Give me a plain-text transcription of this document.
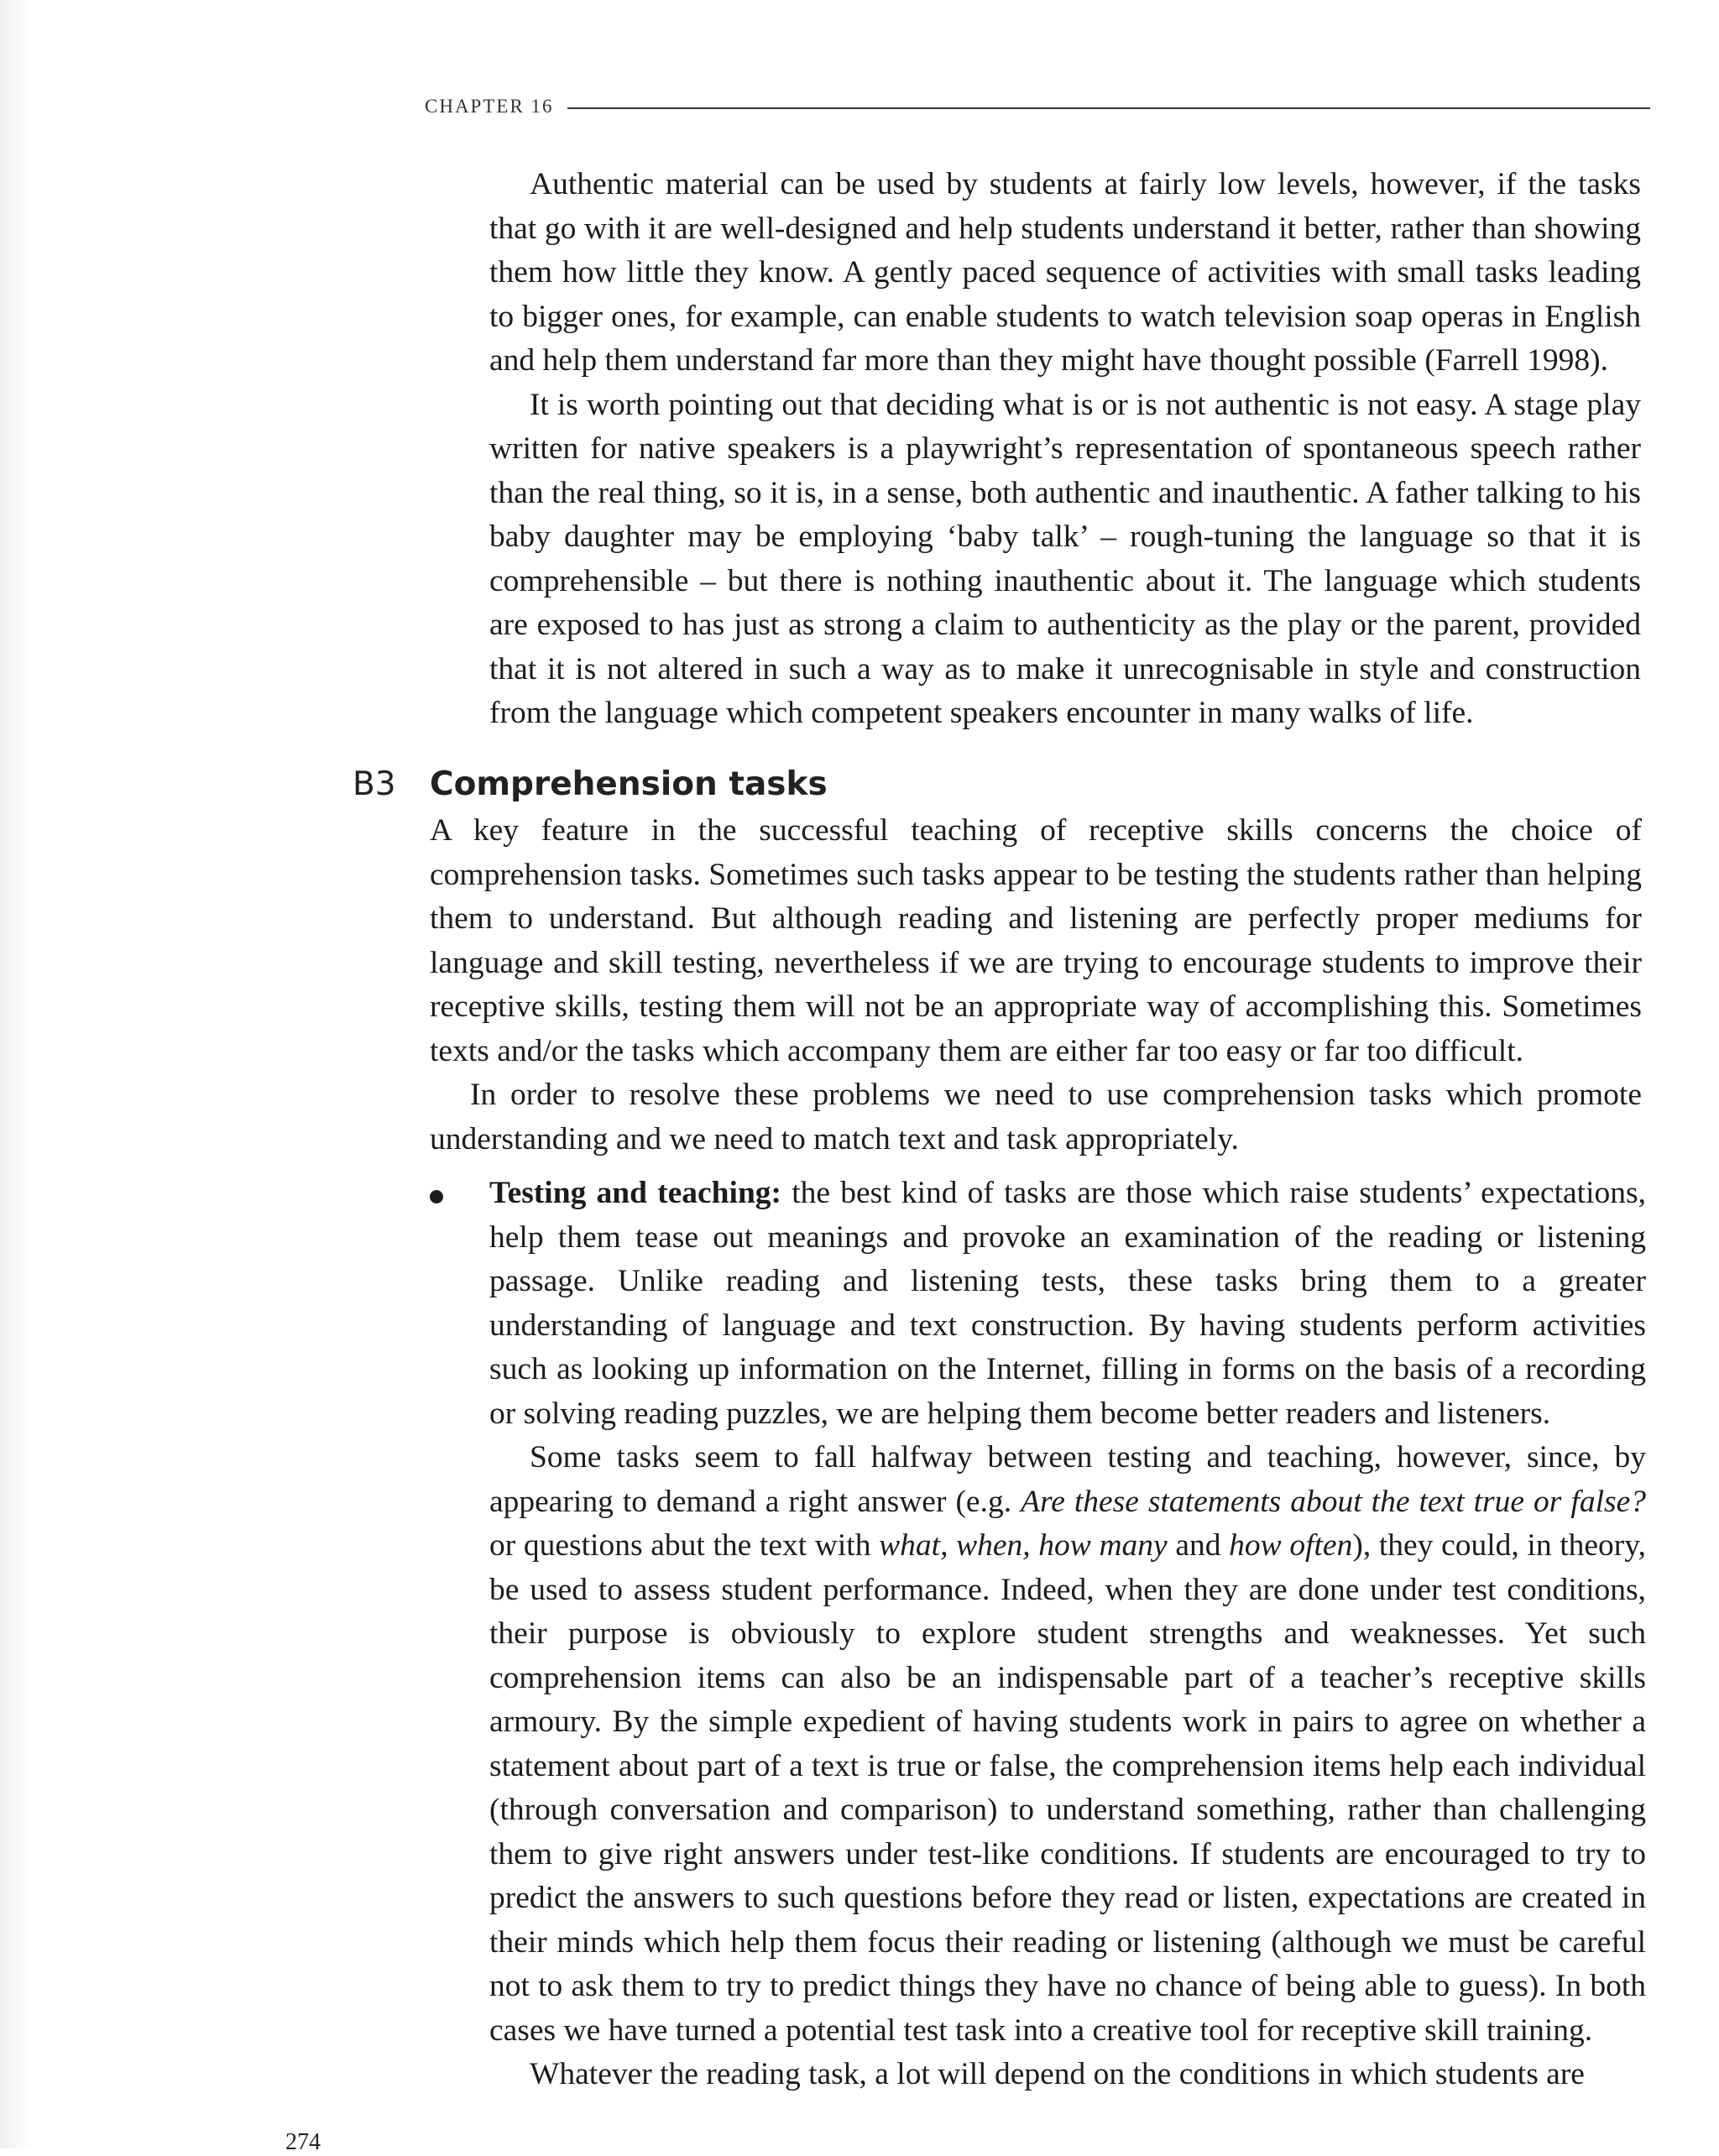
CHAPTER 16

Authentic material can be used by students at fairly low levels, however, if the tasks that go with it are well-designed and help students understand it better, rather than showing them how little they know. A gently paced sequence of activities with small tasks leading to bigger ones, for example, can enable students to watch television soap operas in English and help them understand far more than they might have thought possible (Farrell 1998).

It is worth pointing out that deciding what is or is not authentic is not easy. A stage play written for native speakers is a playwright’s representation of spontaneous speech rather than the real thing, so it is, in a sense, both authentic and inauthentic. A father talking to his baby daughter may be employing ‘baby talk’ – rough-tuning the language so that it is comprehensible – but there is nothing inauthentic about it. The language which students are exposed to has just as strong a claim to authenticity as the play or the parent, provided that it is not altered in such a way as to make it unrecognisable in style and construction from the language which competent speakers encounter in many walks of life.

B3 Comprehension tasks

A key feature in the successful teaching of receptive skills concerns the choice of comprehension tasks. Sometimes such tasks appear to be testing the students rather than helping them to understand. But although reading and listening are perfectly proper mediums for language and skill testing, nevertheless if we are trying to encourage students to improve their receptive skills, testing them will not be an appropriate way of accomplishing this. Sometimes texts and/or the tasks which accompany them are either far too easy or far too difficult.

In order to resolve these problems we need to use comprehension tasks which promote understanding and we need to match text and task appropriately.

Testing and teaching: the best kind of tasks are those which raise students’ expectations, help them tease out meanings and provoke an examination of the reading or listening passage. Unlike reading and listening tests, these tasks bring them to a greater understanding of language and text construction. By having students perform activities such as looking up information on the Internet, filling in forms on the basis of a recording or solving reading puzzles, we are helping them become better readers and listeners.

Some tasks seem to fall halfway between testing and teaching, however, since, by appearing to demand a right answer (e.g. Are these statements about the text true or false? or questions abut the text with what, when, how many and how often), they could, in theory, be used to assess student performance. Indeed, when they are done under test conditions, their purpose is obviously to explore student strengths and weaknesses. Yet such comprehension items can also be an indispensable part of a teacher’s receptive skills armoury. By the simple expedient of having students work in pairs to agree on whether a statement about part of a text is true or false, the comprehension items help each individual (through conversation and comparison) to understand something, rather than challenging them to give right answers under test-like conditions. If students are encouraged to try to predict the answers to such questions before they read or listen, expectations are created in their minds which help them focus their reading or listening (although we must be careful not to ask them to try to predict things they have no chance of being able to guess). In both cases we have turned a potential test task into a creative tool for receptive skill training.

Whatever the reading task, a lot will depend on the conditions in which students are

274
